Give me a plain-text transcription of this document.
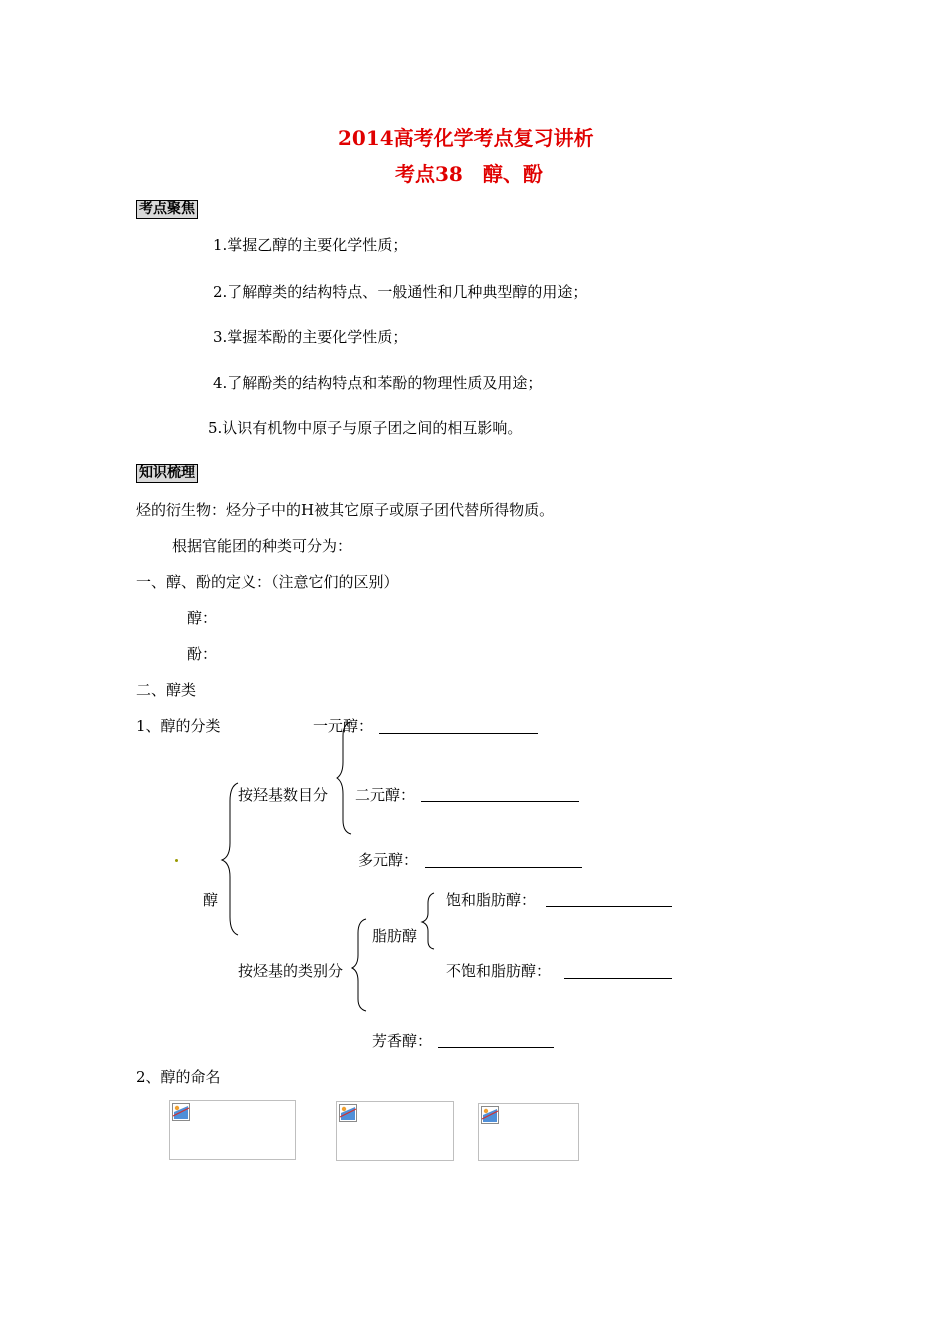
2014高考化学考点复习讲析
考点38　醇、酚
考点聚焦
1.掌握乙醇的主要化学性质；
2.了解醇类的结构特点、一般通性和几种典型醇的用途；
3.掌握苯酚的主要化学性质；
4.了解酚类的结构特点和苯酚的物理性质及用途；
5.认识有机物中原子与原子团之间的相互影响。
知识梳理
烃的衍生物：烃分子中的H被其它原子或原子团代替所得物质。
根据官能团的种类可分为：
一、醇、酚的定义：（注意它们的区别）
醇：
酚：
二、醇类
1、醇的分类	一元醇：
按羟基数目分 二元醇：
多元醇：
醇	饱和脂肪醇：
脂肪醇
按烃基的类别分	不饱和脂肪醇：
芳香醇：
2、醇的命名
